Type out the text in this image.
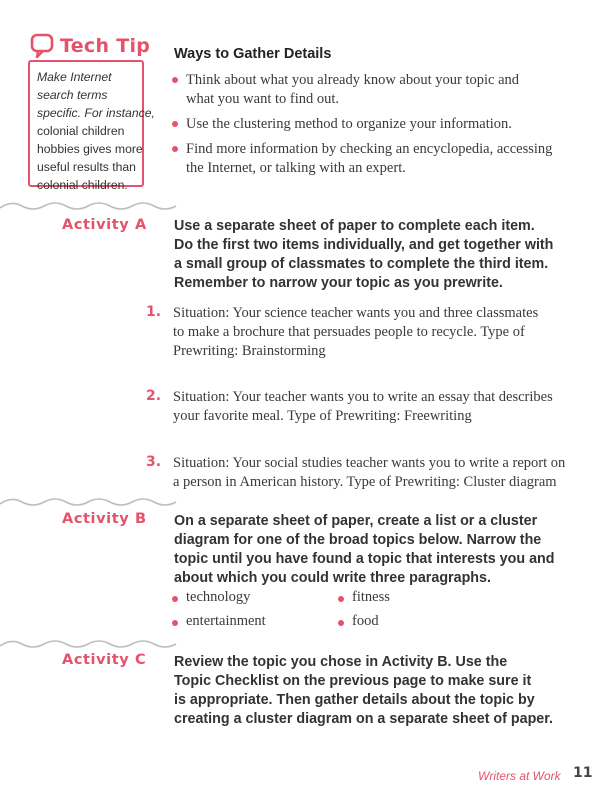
Tech Tip
Make Internet
search terms
specific. For instance,
colonial children
hobbies gives more
useful results than
colonial children.
Ways to Gather Details
Think about what you already know about your topic and
what you want to find out.
Use the clustering method to organize your information.
Find more information by checking an encyclopedia, accessing
the Internet, or talking with an expert.
Activity A Use a separate sheet of paper to complete each item.
Do the first two items individually, and get together with
a small group of classmates to complete the third item.
Remember to narrow your topic as you prewrite.
1. Situation: Your science teacher wants you and three classmates
to make a brochure that persuades people to recycle. Type of
Prewriting: Brainstorming
2. Situation: Your teacher wants you to write an essay that describes
your favorite meal. Type of Prewriting: Freewriting
3. Situation: Your social studies teacher wants you to write a report on
a person in American history. Type of Prewriting: Cluster diagram
Activity B On a separate sheet of paper, create a list or a cluster
diagram for one of the broad topics below. Narrow the
topic until you have found a topic that interests you and
about which you could write three paragraphs.
technology	fitness
entertainment	food
Activity C Review the topic you chose in Activity B. Use the
Topic Checklist on the previous page to make sure it
is appropriate. Then gather details about the topic by
creating a cluster diagram on a separate sheet of paper.
Writers at Work 11
